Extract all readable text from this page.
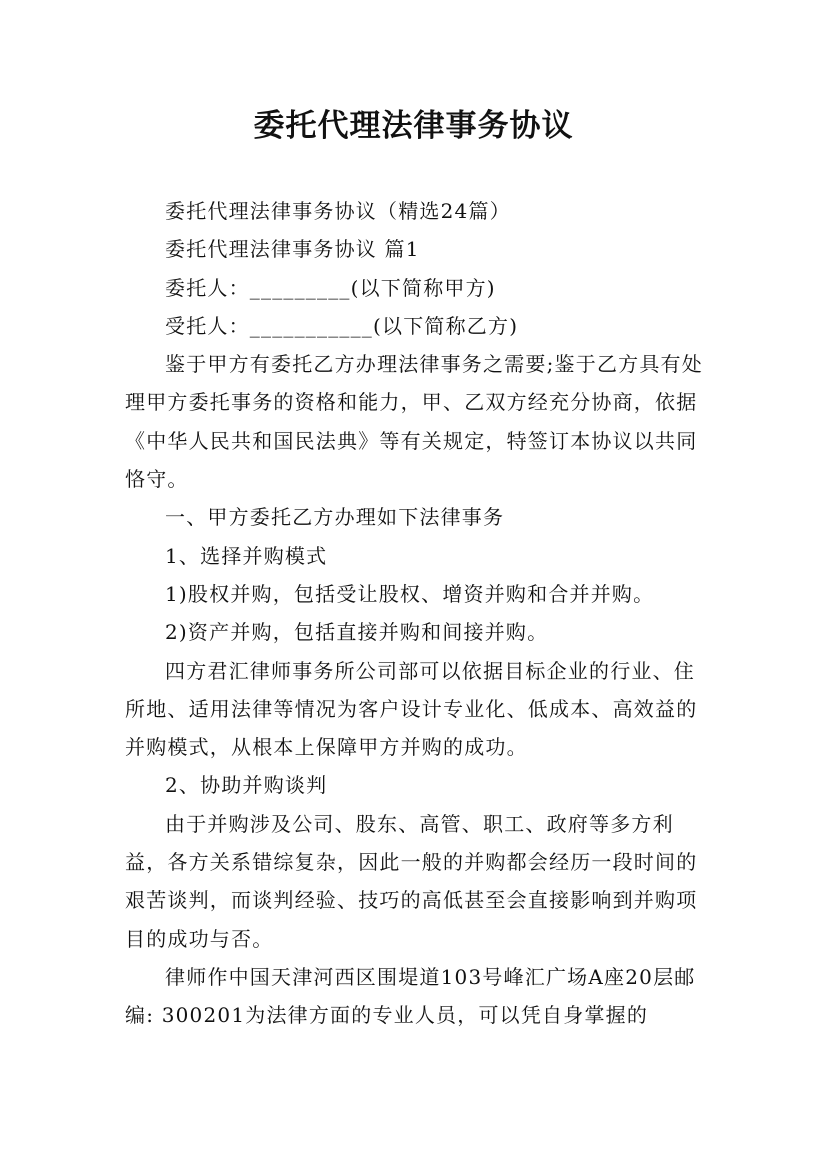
委托代理法律事务协议

委托代理法律事务协议（精选24篇）

委托代理法律事务协议 篇1

委托人：_________(以下简称甲方)

受托人：___________(以下简称乙方)

鉴于甲方有委托乙方办理法律事务之需要;鉴于乙方具有处理甲方委托事务的资格和能力，甲、乙双方经充分协商，依据《中华人民共和国民法典》等有关规定，特签订本协议以共同恪守。

一、甲方委托乙方办理如下法律事务

1、选择并购模式

1)股权并购，包括受让股权、增资并购和合并并购。

2)资产并购，包括直接并购和间接并购。

四方君汇律师事务所公司部可以依据目标企业的行业、住所地、适用法律等情况为客户设计专业化、低成本、高效益的并购模式，从根本上保障甲方并购的成功。

2、协助并购谈判

由于并购涉及公司、股东、高管、职工、政府等多方利益，各方关系错综复杂，因此一般的并购都会经历一段时间的艰苦谈判，而谈判经验、技巧的高低甚至会直接影响到并购项目的成功与否。

律师作中国天津河西区围堤道103号峰汇广场A座20层邮编: 300201为法律方面的专业人员，可以凭自身掌握的
